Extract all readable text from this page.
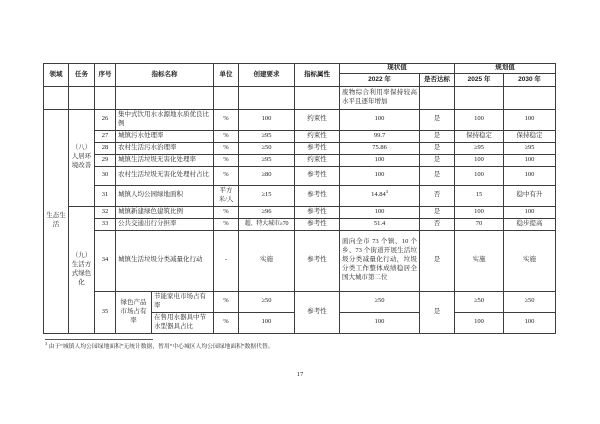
领域	任务	序号	指标名称		单位	创建要求	指标属性	现状值		规划值	
								2022 年	是否达标	2025 年	2030 年
								废物综合利用率保持较高水平且逐年增加			
生态生活	（八）人居环境改善	26	集中式饮用水水源地水质优良比例		%	100	约束性	100	是	100	100
		27	城镇污水处理率		%	≥95	约束性	99.7	是	保持稳定	保持稳定
		28	农村生活污水治理率		%	≥50	参考性	75.86	是	≥95	≥95
		29	城镇生活垃圾无害化处理率		%	≥95	约束性	100	是	100	100
		30	农村生活垃圾无害化处理村占比		%	≥80	参考性	100	是	100	100
		31	城镇人均公园绿地面积		平方米/人	≥15	参考性	14.84$^3$	否	15	稳中有升
	（九）生活方式绿色化	32	城镇新建绿色建筑比例		%	≥96	参考性	100	是	100	100
		33	公共交通出行分担率		%	超、特大城市≥70	参考性	51.4	否	70	稳步提高
		34	城镇生活垃圾分类减量化行动		-	实施	参考性	面向全市 73 个镇、10 个乡、73 个街道开展生活垃圾分类减量化行动，垃圾分类工作整体成绩稳居全国大城市第二位	是	实施	实施
		35	绿色产品市场占有率	节能家电市场占有率	%	≥50	参考性	≥50	是	≥50	≥50
				在售用水器具中节水型器具占比	%	100		100		100	100
$^3$ 由于“城镇人均公园绿地面积”无统计数据，暂用“中心城区人均公园绿地面积”数据代替。
17
